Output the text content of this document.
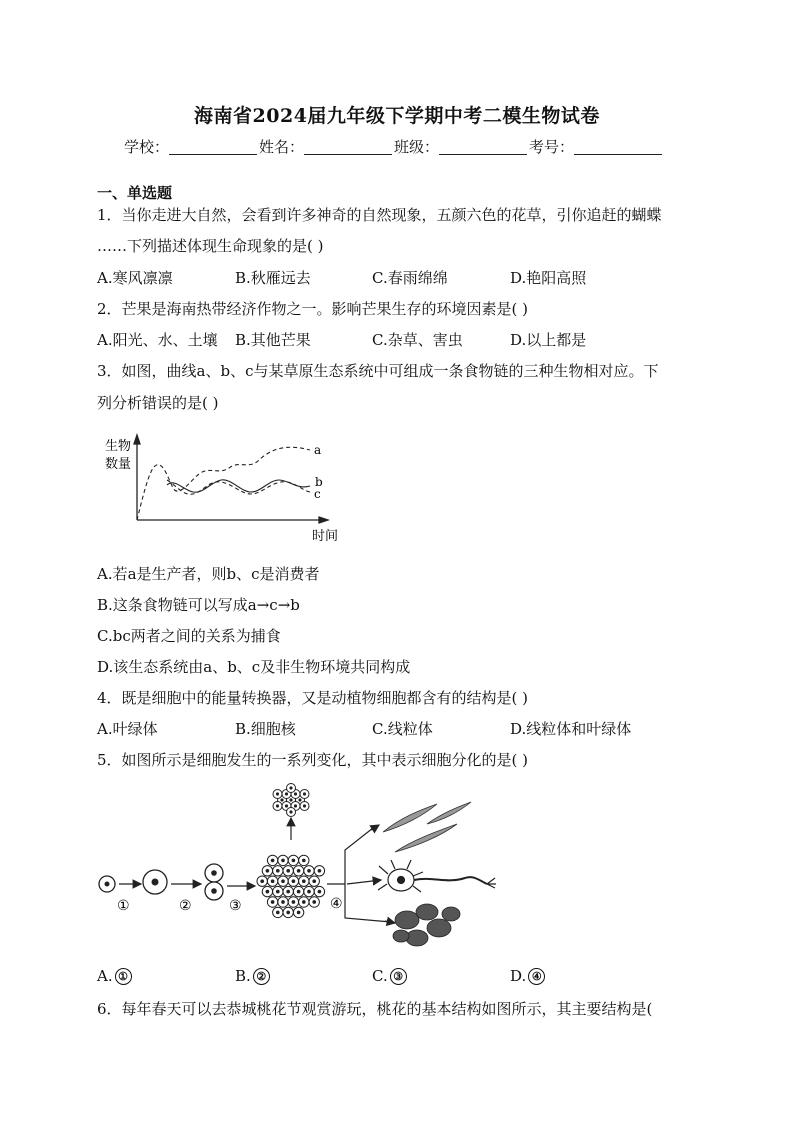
海南省2024届九年级下学期中考二模生物试卷
学校：	姓名：	班级：	考号：
一、单选题
1．当你走进大自然，会看到许多神奇的自然现象，五颜六色的花草，引你追赶的蝴蝶
……下列描述体现生命现象的是( )
A.寒风凛凛	B.秋雁远去	C.春雨绵绵	D.艳阳高照
2．芒果是海南热带经济作物之一。影响芒果生存的环境因素是( )
A.阳光、水、土壤 B.其他芒果	C.杂草、害虫	D.以上都是
3．如图，曲线a、b、c与某草原生态系统中可组成一条食物链的三种生物相对应。下
列分析错误的是( )
生物
数量
时间
a
b
c
A.若a是生产者，则b、c是消费者
B.这条食物链可以写成a→c→b
C.bc两者之间的关系为捕食
D.该生态系统由a、b、c及非生物环境共同构成
4．既是细胞中的能量转换器，又是动植物细胞都含有的结构是( )
A.叶绿体	B.细胞核	C.线粒体	D.线粒体和叶绿体
5．如图所示是细胞发生的一系列变化，其中表示细胞分化的是( )
①	②	③	④
A. ①	B. ②	C. ③	D. ④
6．每年春天可以去恭城桃花节观赏游玩，桃花的基本结构如图所示，其主要结构是(
